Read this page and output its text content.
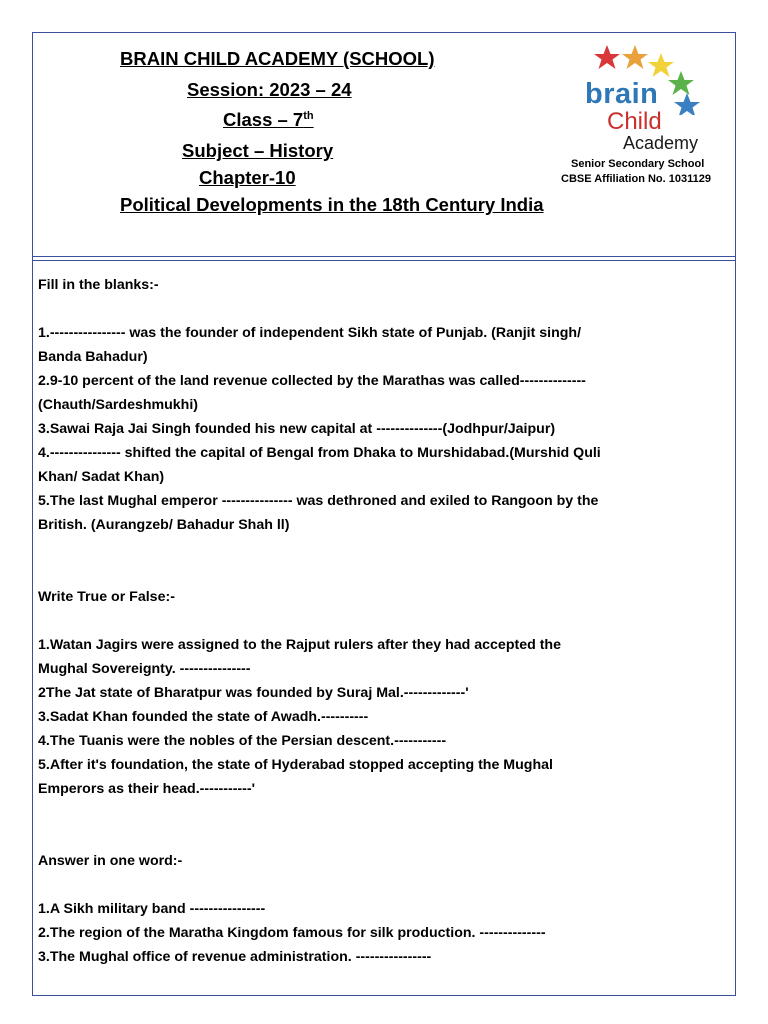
BRAIN CHILD ACADEMY (SCHOOL)
Session: 2023 – 24
Class – 7th
Subject – History
Chapter-10
Political Developments in the 18th Century India
brain
Child
Academy
Senior Secondary School
CBSE Affiliation No. 1031129

Fill in the blanks:-

1.---------------- was the founder of independent Sikh state of Punjab. (Ranjit singh/

Banda Bahadur)

2.9-10 percent of the land revenue collected by the Marathas was called--------------

(Chauth/Sardeshmukhi)

3.Sawai Raja Jai Singh founded his new capital at --------------(Jodhpur/Jaipur)

4.--------------- shifted the capital of Bengal from Dhaka to Murshidabad.(Murshid Quli

Khan/ Sadat Khan)

5.The last Mughal emperor --------------- was dethroned and exiled to Rangoon by the

British. (Aurangzeb/ Bahadur Shah ll)

Write True or False:-

1.Watan Jagirs were assigned to the Rajput rulers after they had accepted the

Mughal Sovereignty. ---------------

2The Jat state of Bharatpur was founded by Suraj Mal.-------------'

3.Sadat Khan founded the state of Awadh.----------

4.The Tuanis were the nobles of the Persian descent.-----------

5.After it's foundation, the state of Hyderabad stopped accepting the Mughal

Emperors as their head.-----------'

Answer in one word:-

1.A Sikh military band ----------------

2.The region of the Maratha Kingdom famous for silk production. --------------

3.The Mughal office of revenue administration. ----------------
